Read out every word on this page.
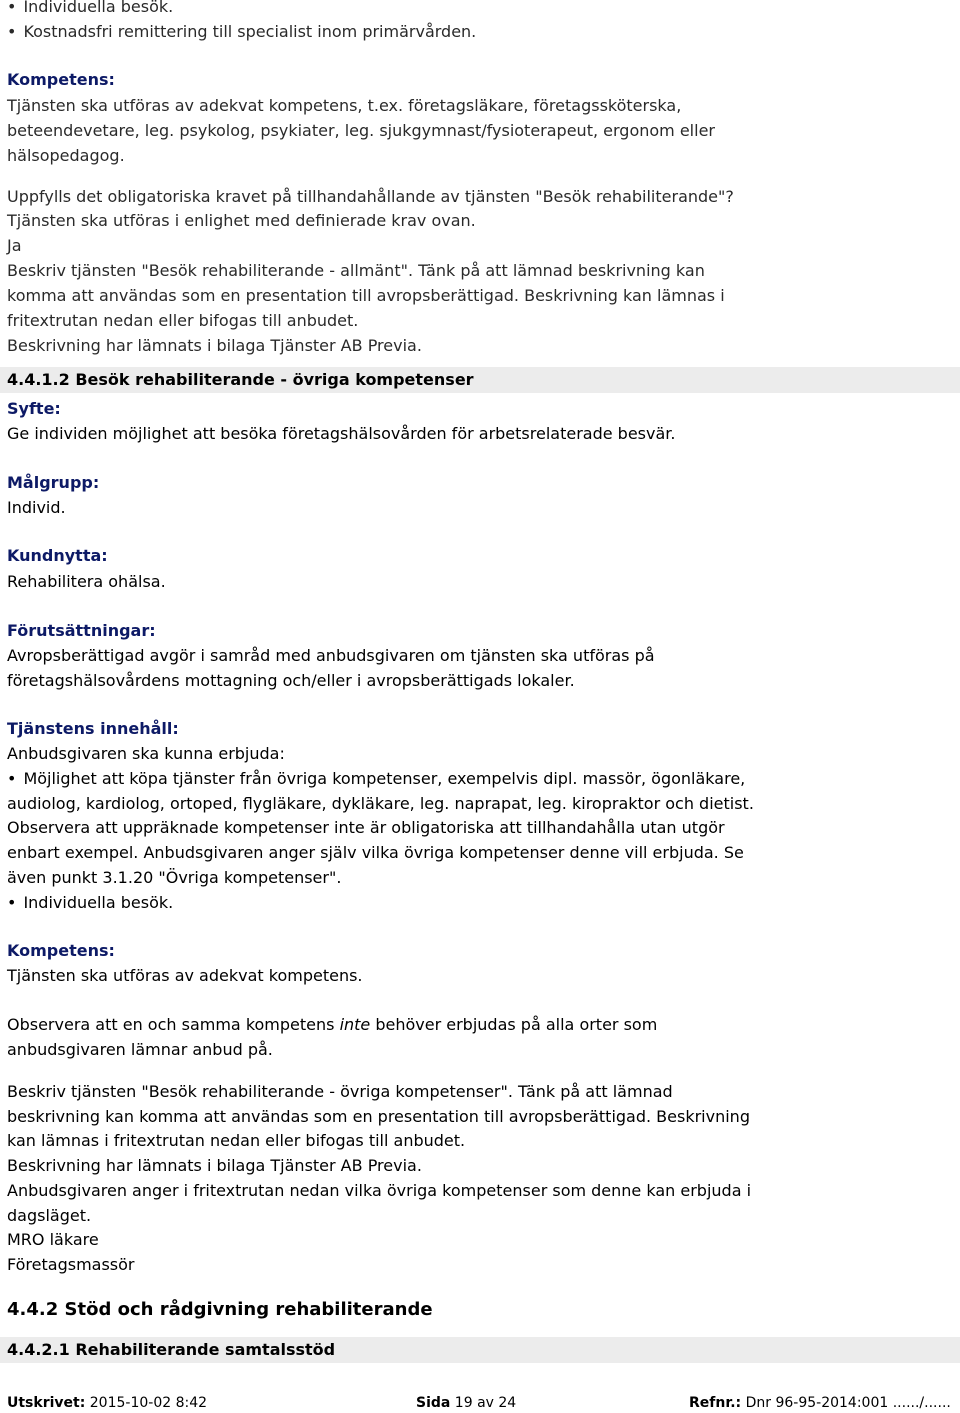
• Individuella besök.
• Kostnadsfri remittering till specialist inom primärvården.
Kompetens:
Tjänsten ska utföras av adekvat kompetens, t.ex. företagsläkare, företagssköterska,
beteendevetare, leg. psykolog, psykiater, leg. sjukgymnast/fysioterapeut, ergonom eller
hälsopedagog.
Uppfylls det obligatoriska kravet på tillhandahållande av tjänsten "Besök rehabiliterande"?
Tjänsten ska utföras i enlighet med definierade krav ovan.
Ja
Beskriv tjänsten "Besök rehabiliterande - allmänt". Tänk på att lämnad beskrivning kan
komma att användas som en presentation till avropsberättigad. Beskrivning kan lämnas i
fritextrutan nedan eller bifogas till anbudet.
Beskrivning har lämnats i bilaga Tjänster AB Previa.
4.4.1.2 Besök rehabiliterande - övriga kompetenser
Syfte:
Ge individen möjlighet att besöka företagshälsovården för arbetsrelaterade besvär.
Målgrupp:
Individ.
Kundnytta:
Rehabilitera ohälsa.
Förutsättningar:
Avropsberättigad avgör i samråd med anbudsgivaren om tjänsten ska utföras på
företagshälsovårdens mottagning och/eller i avropsberättigads lokaler.
Tjänstens innehåll:
Anbudsgivaren ska kunna erbjuda:
• Möjlighet att köpa tjänster från övriga kompetenser, exempelvis dipl. massör, ögonläkare,
audiolog, kardiolog, ortoped, flygläkare, dykläkare, leg. naprapat, leg. kiropraktor och dietist.
Observera att uppräknade kompetenser inte är obligatoriska att tillhandahålla utan utgör
enbart exempel. Anbudsgivaren anger själv vilka övriga kompetenser denne vill erbjuda. Se
även punkt 3.1.20 "Övriga kompetenser".
• Individuella besök.
Kompetens:
Tjänsten ska utföras av adekvat kompetens.
Observera att en och samma kompetens inte behöver erbjudas på alla orter som
anbudsgivaren lämnar anbud på.
Beskriv tjänsten "Besök rehabiliterande - övriga kompetenser". Tänk på att lämnad
beskrivning kan komma att användas som en presentation till avropsberättigad. Beskrivning
kan lämnas i fritextrutan nedan eller bifogas till anbudet.
Beskrivning har lämnats i bilaga Tjänster AB Previa.
Anbudsgivaren anger i fritextrutan nedan vilka övriga kompetenser som denne kan erbjuda i
dagsläget.
MRO läkare
Företagsmassör
4.4.2 Stöd och rådgivning rehabiliterande
4.4.2.1 Rehabiliterande samtalsstöd
Utskrivet: 2015-10-02 8:42	Sida 19 av 24	Refnr.: Dnr 96-95-2014:001 ....../......
